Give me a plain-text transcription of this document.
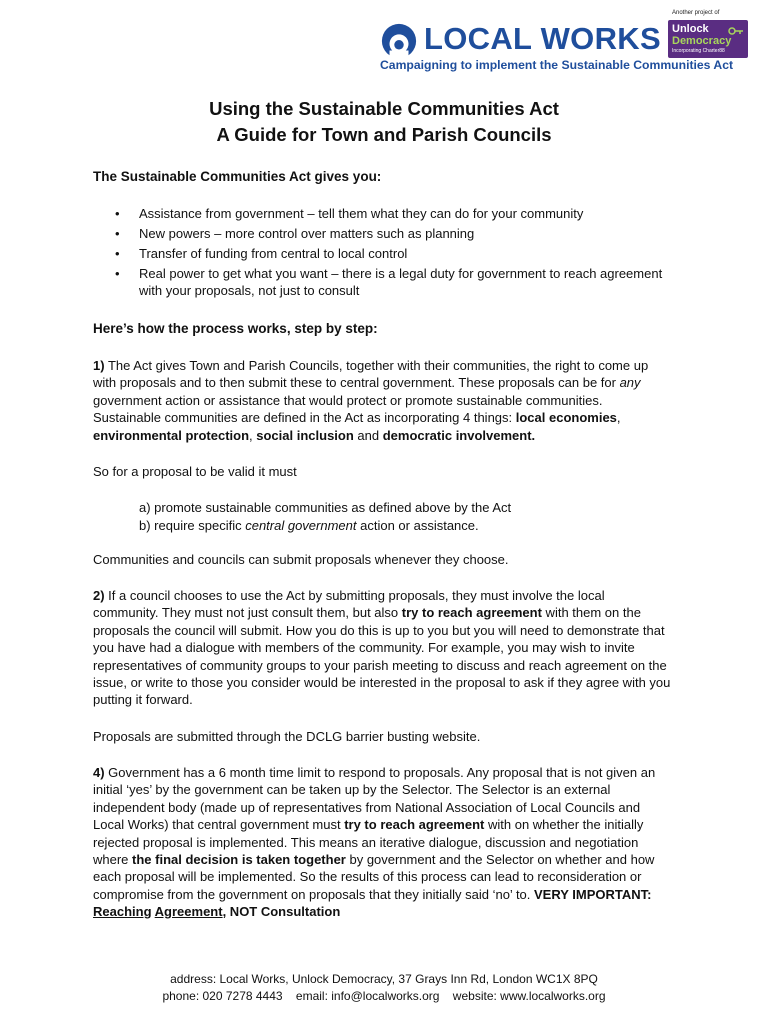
LOCAL WORKS
Campaigning to implement the Sustainable Communities Act
Another project of
Unlock
Democracy
Incorporating Charter88
Using the Sustainable Communities Act
A Guide for Town and Parish Councils
The Sustainable Communities Act gives you:
• Assistance from government – tell them what they can do for your community
• New powers – more control over matters such as planning
• Transfer of funding from central to local control
• Real power to get what you want – there is a legal duty for government to reach agreement with your proposals, not just to consult
Here’s how the process works, step by step:
1) The Act gives Town and Parish Councils, together with their communities, the right to come up with proposals and to then submit these to central government. These proposals can be for any government action or assistance that would protect or promote sustainable communities. Sustainable communities are defined in the Act as incorporating 4 things: local economies, environmental protection, social inclusion and democratic involvement.
So for a proposal to be valid it must
a) promote sustainable communities as defined above by the Act
b) require specific central government action or assistance.
Communities and councils can submit proposals whenever they choose.
2) If a council chooses to use the Act by submitting proposals, they must involve the local community. They must not just consult them, but also try to reach agreement with them on the proposals the council will submit. How you do this is up to you but you will need to demonstrate that you have had a dialogue with members of the community. For example, you may wish to invite representatives of community groups to your parish meeting to discuss and reach agreement on the issue, or write to those you consider would be interested in the proposal to ask if they agree with you putting it forward.
Proposals are submitted through the DCLG barrier busting website.
4) Government has a 6 month time limit to respond to proposals. Any proposal that is not given an initial ‘yes’ by the government can be taken up by the Selector. The Selector is an external independent body (made up of representatives from National Association of Local Councils and Local Works) that central government must try to reach agreement with on whether the initially rejected proposal is implemented. This means an iterative dialogue, discussion and negotiation where the final decision is taken together by government and the Selector on whether and how each proposal will be implemented. So the results of this process can lead to reconsideration or compromise from the government on proposals that they initially said ‘no’ to. VERY IMPORTANT: Reaching Agreement, NOT Consultation
address: Local Works, Unlock Democracy, 37 Grays Inn Rd, London WC1X 8PQ
phone: 020 7278 4443    email: info@localworks.org    website: www.localworks.org
